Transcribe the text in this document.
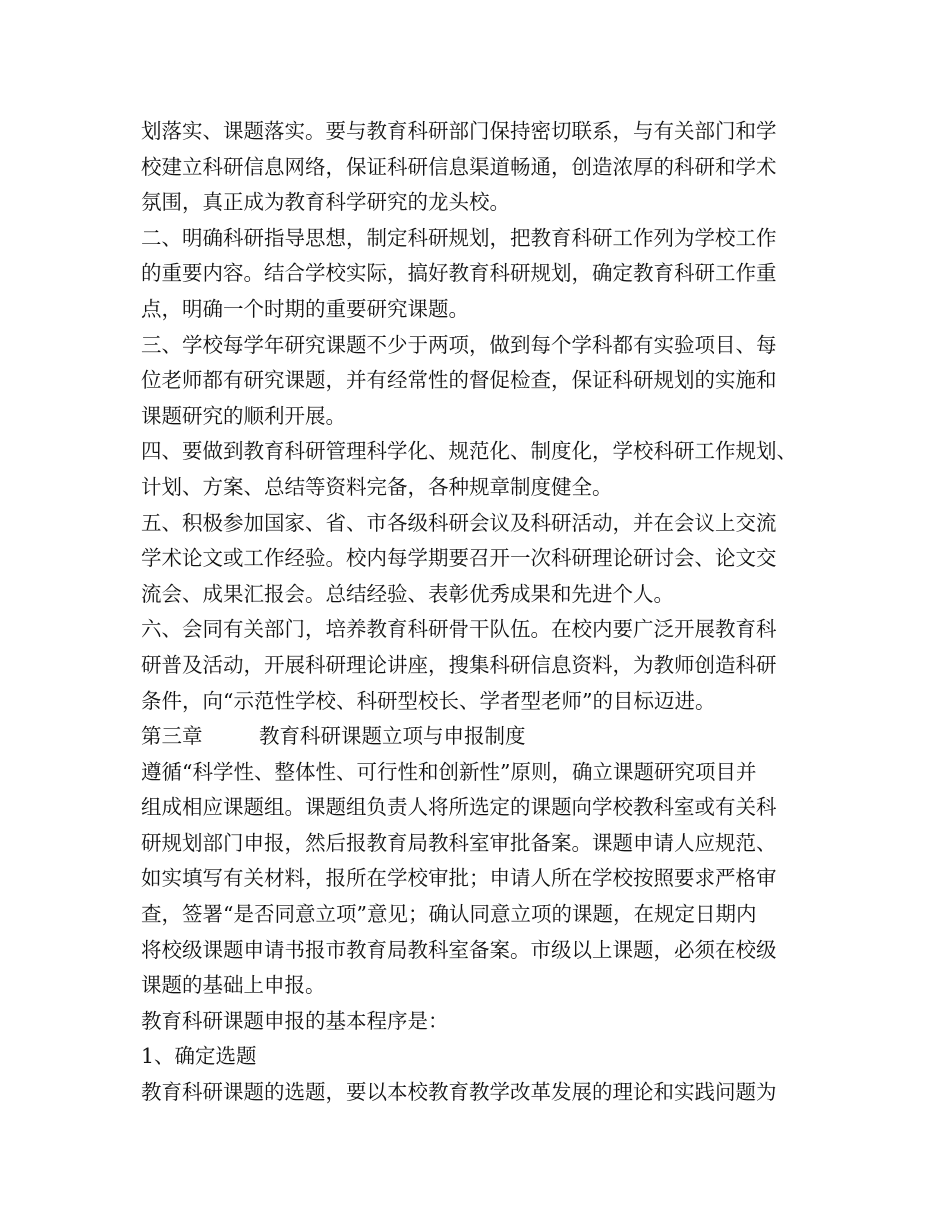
划落实、课题落实。要与教育科研部门保持密切联系，与有关部门和学
校建立科研信息网络，保证科研信息渠道畅通，创造浓厚的科研和学术
氛围，真正成为教育科学研究的龙头校。
二、明确科研指导思想，制定科研规划，把教育科研工作列为学校工作
的重要内容。结合学校实际，搞好教育科研规划，确定教育科研工作重
点，明确一个时期的重要研究课题。
三、学校每学年研究课题不少于两项，做到每个学科都有实验项目、每
位老师都有研究课题，并有经常性的督促检查，保证科研规划的实施和
课题研究的顺利开展。
四、要做到教育科研管理科学化、规范化、制度化，学校科研工作规划、
计划、方案、总结等资料完备，各种规章制度健全。
五、积极参加国家、省、市各级科研会议及科研活动，并在会议上交流
学术论文或工作经验。校内每学期要召开一次科研理论研讨会、论文交
流会、成果汇报会。总结经验、表彰优秀成果和先进个人。
六、会同有关部门，培养教育科研骨干队伍。在校内要广泛开展教育科
研普及活动，开展科研理论讲座，搜集科研信息资料，为教师创造科研
条件，向“示范性学校、科研型校长、学者型老师”的目标迈进。
第三章	教育科研课题立项与申报制度
遵循“科学性、整体性、可行性和创新性”原则，确立课题研究项目并
组成相应课题组。课题组负责人将所选定的课题向学校教科室或有关科
研规划部门申报，然后报教育局教科室审批备案。课题申请人应规范、
如实填写有关材料，报所在学校审批；申请人所在学校按照要求严格审
查，签署“是否同意立项”意见；确认同意立项的课题，在规定日期内
将校级课题申请书报市教育局教科室备案。市级以上课题，必须在校级
课题的基础上申报。
教育科研课题申报的基本程序是：
1、确定选题
教育科研课题的选题，要以本校教育教学改革发展的理论和实践问题为
